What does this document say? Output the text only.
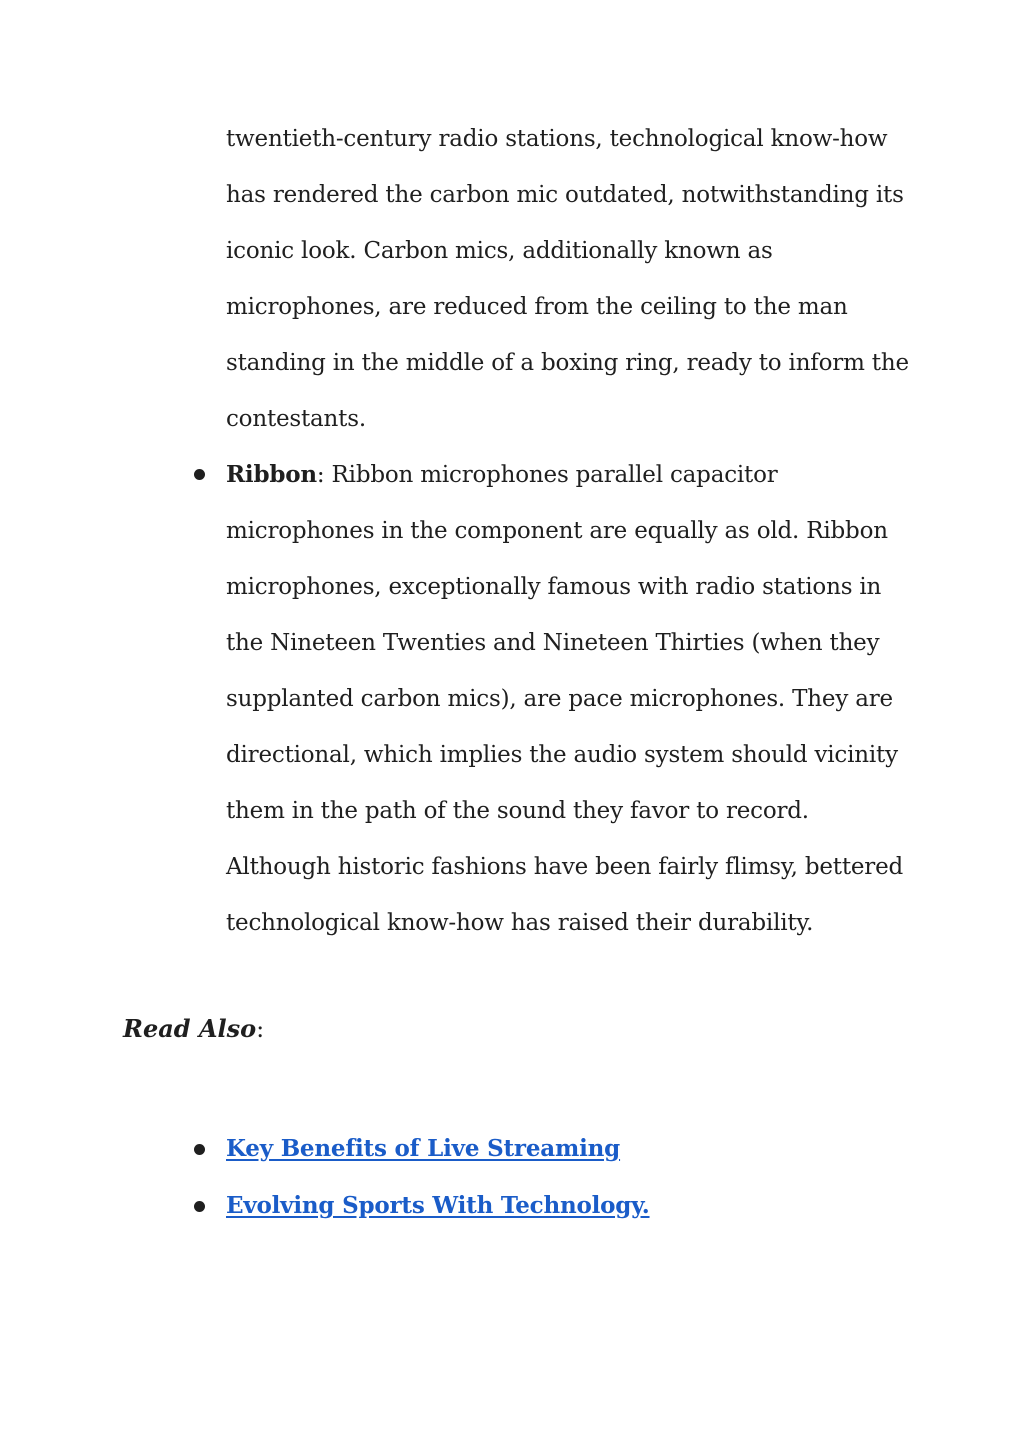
twentieth-century radio stations, technological know-how
has rendered the carbon mic outdated, notwithstanding its
iconic look. Carbon mics, additionally known as
microphones, are reduced from the ceiling to the man
standing in the middle of a boxing ring, ready to inform the
contestants.
Ribbon: Ribbon microphones parallel capacitor
microphones in the component are equally as old. Ribbon
microphones, exceptionally famous with radio stations in
the Nineteen Twenties and Nineteen Thirties (when they
supplanted carbon mics), are pace microphones. They are
directional, which implies the audio system should vicinity
them in the path of the sound they favor to record.
Although historic fashions have been fairly flimsy, bettered
technological know-how has raised their durability.
Read Also:
Key Benefits of Live Streaming
Evolving Sports With Technology.
